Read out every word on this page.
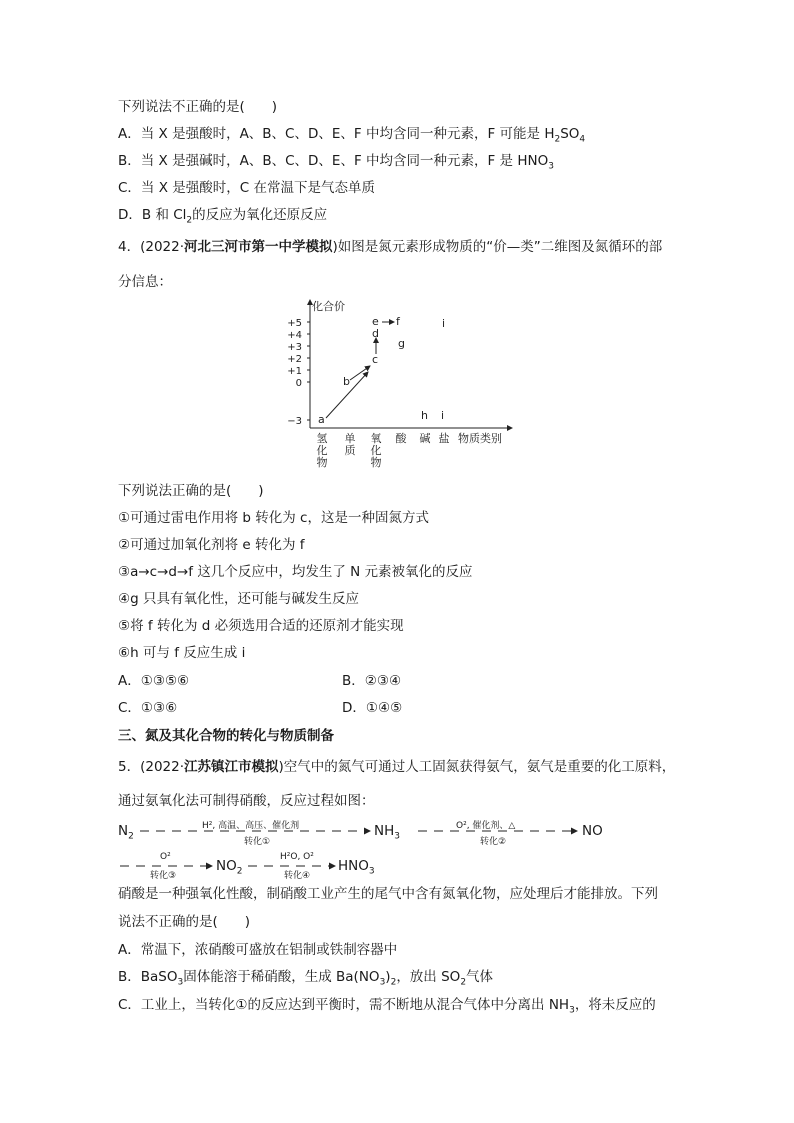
下列说法不正确的是(　　)
A．当 X 是强酸时，A、B、C、D、E、F 中均含同一种元素，F 可能是 $H_2SO_4$
B．当 X 是强碱时，A、B、C、D、E、F 中均含同一种元素，F 是 $HNO_3$
C．当 X 是强酸时，C 在常温下是气态单质
D．B 和 $Cl_2$的反应为氧化还原反应
4．(2022·河北三河市第一中学模拟)如图是氮元素形成物质的“价—类”二维图及氮循环的部
分信息：
化合价
+5
+4
+3
+2
+1
0
−3
氢化物
单质
氧化物
酸 碱 盐 物质类别
a
b
c
d
e f
g
h
i
i
下列说法正确的是(　　)
①可通过雷电作用将 b 转化为 c，这是一种固氮方式
②可通过加氧化剂将 e 转化为 f
③a→c→d→f 这几个反应中，均发生了 N 元素被氧化的反应
④g 只具有氧化性，还可能与碱发生反应
⑤将 f 转化为 d 必须选用合适的还原剂才能实现
⑥h 可与 f 反应生成 i
A．①③⑤⑥	B．②③④
C．①③⑥	D．①④⑤
三、氮及其化合物的转化与物质制备
5．(2022·江苏镇江市模拟)空气中的氮气可通过人工固氮获得氨气，氨气是重要的化工原料，
通过氨氧化法可制得硝酸，反应过程如图：
$N_2$
H², 高温、高压、催化剂
转化①
$NH_3$
O², 催化剂、△
转化②
NO
O²
转化③
$NO_2$
H²O, O²
转化④
$HNO_3$
硝酸是一种强氧化性酸，制硝酸工业产生的尾气中含有氮氧化物，应处理后才能排放。下列
说法不正确的是(　　)
A．常温下，浓硝酸可盛放在铝制或铁制容器中
B．BaSO$_3$固体能溶于稀硝酸，生成 $Ba(NO_3)_2$，放出 $SO_2$气体
C．工业上，当转化①的反应达到平衡时，需不断地从混合气体中分离出 $NH_3$，将未反应的
